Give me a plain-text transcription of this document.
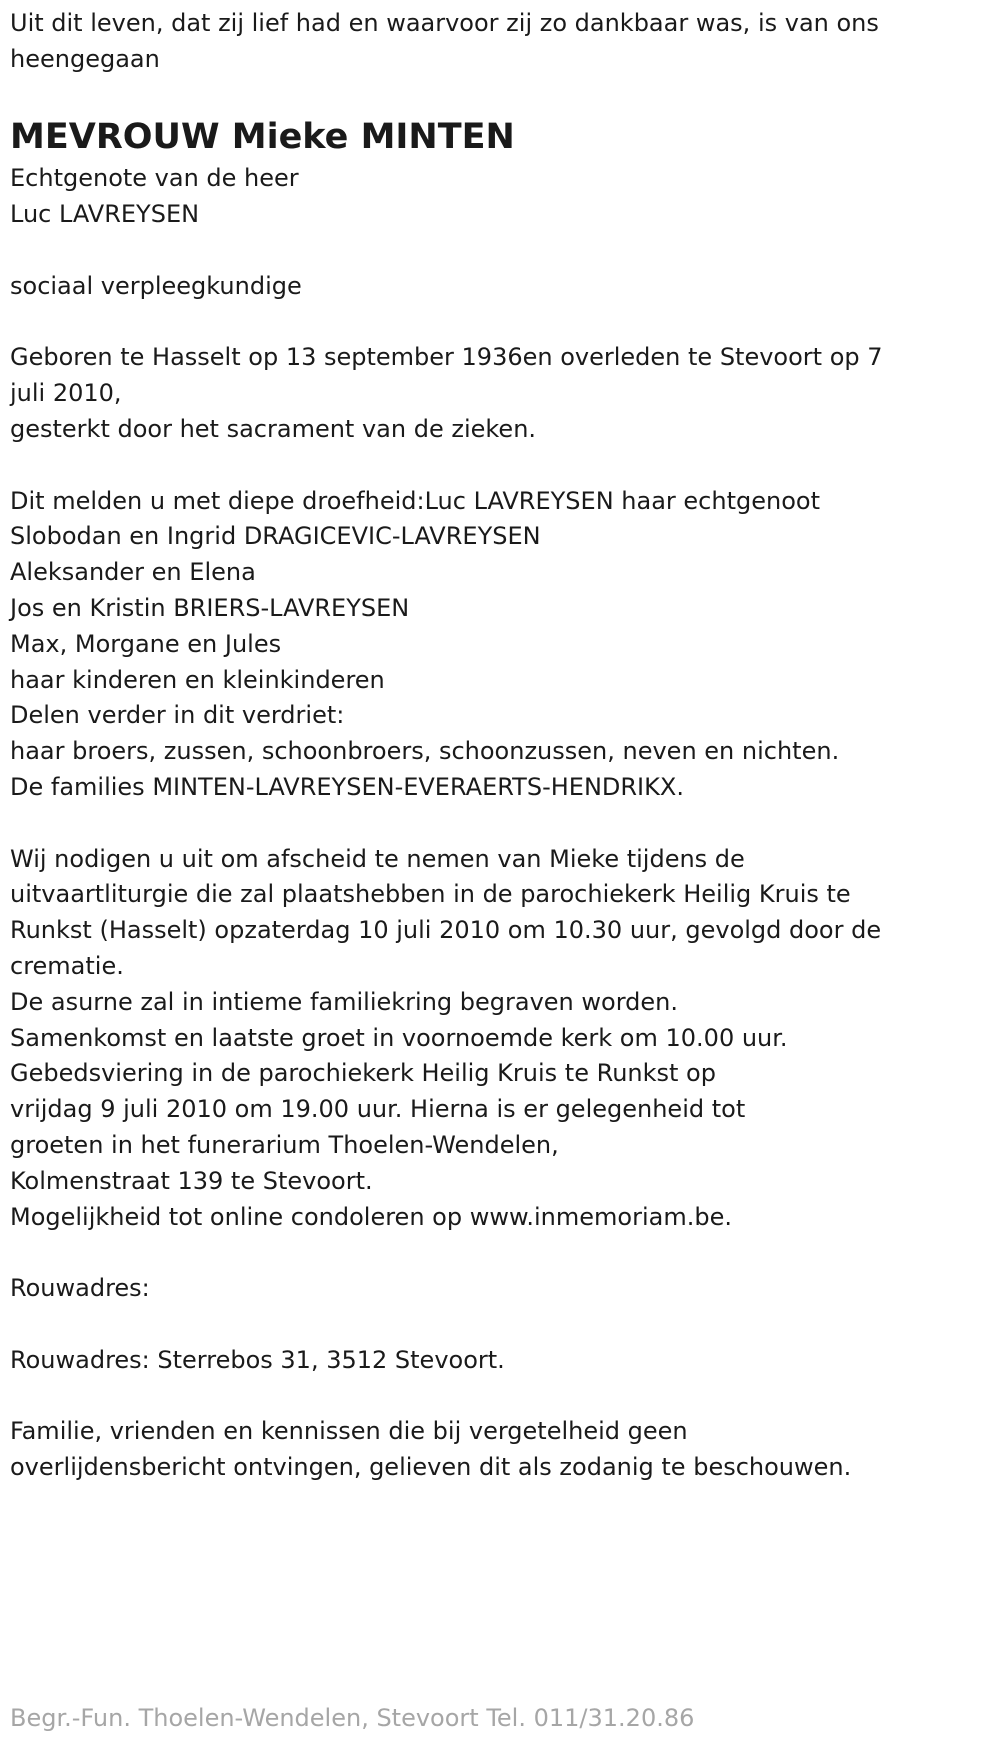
Uit dit leven, dat zij lief had en waarvoor zij zo dankbaar was, is van ons
heengegaan
MEVROUW Mieke MINTEN
Echtgenote van de heer
Luc LAVREYSEN
sociaal verpleegkundige
Geboren te Hasselt op 13 september 1936en overleden te Stevoort op 7
juli 2010,
gesterkt door het sacrament van de zieken.
Dit melden u met diepe droefheid:Luc LAVREYSEN haar echtgenoot
Slobodan en Ingrid DRAGICEVIC-LAVREYSEN
Aleksander en Elena
Jos en Kristin BRIERS-LAVREYSEN
Max, Morgane en Jules
haar kinderen en kleinkinderen
Delen verder in dit verdriet:
haar broers, zussen, schoonbroers, schoonzussen, neven en nichten.
De families MINTEN-LAVREYSEN-EVERAERTS-HENDRIKX.
Wij nodigen u uit om afscheid te nemen van Mieke tijdens de
uitvaartliturgie die zal plaatshebben in de parochiekerk Heilig Kruis te
Runkst (Hasselt) opzaterdag 10 juli 2010 om 10.30 uur, gevolgd door de
crematie.
De asurne zal in intieme familiekring begraven worden.
Samenkomst en laatste groet in voornoemde kerk om 10.00 uur.
Gebedsviering in de parochiekerk Heilig Kruis te Runkst op
vrijdag 9 juli 2010 om 19.00 uur. Hierna is er gelegenheid tot
groeten in het funerarium Thoelen-Wendelen,
Kolmenstraat 139 te Stevoort.
Mogelijkheid tot online condoleren op www.inmemoriam.be.
Rouwadres:
Rouwadres: Sterrebos 31, 3512 Stevoort.
Familie, vrienden en kennissen die bij vergetelheid geen
overlijdensbericht ontvingen, gelieven dit als zodanig te beschouwen.
Begr.-Fun. Thoelen-Wendelen, Stevoort Tel. 011/31.20.86
